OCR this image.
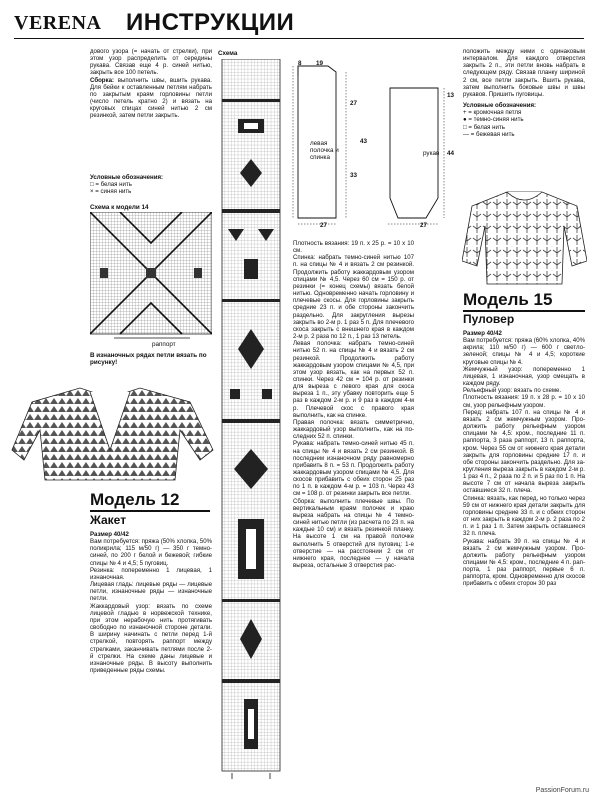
VERENA ИНСТРУКЦИИ

дового узора (= начать от стрелки), при этом узор распределить от середины рукава. Связав еще 4 р. синей нитью, закрыть все 100 петель.

Сборка: выполнить швы, вшить рукава. Для бейки к оставленным петлям набрать по закрытым краям горловины петли (число петель кратно 2) и вязать на круговых спицах синей нитью 2 см резинкой, затем петли закрыть.

Условные обозначения:

□ = белая нить

× = синяя нить

Схема к модели 14
раппорт
В изнаночных рядах петли вязать по рисунку!
Модель 12
Жакет

Размер 40/42

Вам потребуется: пряжа (50% хлопка, 50% поликрила; 115 м/50 г) — 350 г темно-синей, по 200 г белой и бежевой; гибкие спицы № 4 и 4,5; 5 пуговиц.

Резинка: попеременно 1 лицевая, 1 изнаночная.

Лицевая гладь: лицевые ряды — лицевые петли, изнаночные ряды — изнаночные петли.

Жаккардовый узор: вязать по схеме лицевой гладью в норвежской технике, при этом нерабочую нить протягивать свободно по изнаночной стороне детали. В ширину начинать с петли перед 1-й стрелкой, повторять раппорт между стрелками, заканчивать петлями после 2-й стрелки. На схеме даны лицевые и изнаночные ряды. В высоту выполнить приведенные ряды схемы.

Схема
левая полочка и спинка
рукав
8 19
27
33
43
27	27
13
44

Плотность вязания: 19 п. х 25 р. = 10 х 10 см.

Спинка: набрать темно-синей нитью 107 п. на спицы № 4 и вязать 2 см резинкой. Продолжить работу жаккардовым узором спицами № 4,5. Через 60 см = 150 р. от резинки (= конец схемы) вязать белой нитью. Одновременно начать горловину и плечевые скосы. Для горловины закрыть средние 23 п. и обе стороны закончить раздельно. Для закругления вырезы закрыть во 2-м р. 1 раз 5 п. Для плечевого скоса закрыть с внешнего края в каждом 2-м р. 2 раза по 12 п., 1 раз 13 петель.

Левая полочка: набрать темно-синей нитью 52 п. на спицы № 4 и вязать 2 см резинкой. Продолжить работу жаккардовым узором спицами № 4,5, при этом узор вязать, как на первых 52 п. спинки. Через 42 см = 104 р. от резинки для выреза с левого края для скоса выреза 1 п., эту убавку повторить еще 5 раз в каждом 2-м р. и 9 раз в каждом 4-м р. Плечевой скос с правого края выполнить, как на спинке.

Правая полочка: вязать симметрично, жаккардовый узор выполнить, как на последних 52 п. спинки.

Рукава: набрать темно-синей нитью 45 п. на спицы № 4 и вязать 2 см резинкой. В последнем изнаночном ряду равномерно прибавить 8 п. = 53 п. Продолжить работу жаккардовым узором спицами № 4,5. Для скосов прибавить с обеих сторон 25 раз по 1 п. в каждом 4-м р. = 103 п. Через 43 см = 108 р. от резинки закрыть все петли.

Сборка: выполнить плечевые швы. По вертикальным краям полочек и краю выреза набрать на спицы № 4 темно-синей нитью петли (из расчета по 23 п. на каждые 10 см) и вязать резинкой планку. На высоте 1 см на правой полочке выполнить 5 отверстий для пуговиц: 1-е отверстие — на расстоянии 2 см от нижнего края, последнее — у начала выреза, остальные 3 отверстия рас-

положить между ними с одинаковым интервалом. Для каждого отверстия закрыть 2 п., эти петли вновь набрать в следующем ряду. Связав планку шириной 2 см, все петли закрыть. Вшить рукава, затем выполнить боковые швы и швы рукавов. Пришить пуговицы.

Условные обозначения:

+ = кромочная петля

● = темно-синяя нить

□ = белая нить

— = бежевая нить

Модель 15
Пуловер

Размер 40/42

Вам потребуется: пряжа (60% хлопка, 40% акрила; 110 м/50 г) — 600 г светлозеленой; спицы № 4 и 4,5; короткие круговые спицы № 4.

Жемчужный узор: попеременно 1 лицевая, 1 изнаночная, узор смещать в каждом ряду.

Рельефный узор: вязать по схеме.

Плотность вязания: 19 п. х 28 р. = 10 х 10 см, узор рельефным узором.

Перед: набрать 107 п. на спицы № 4 и вязать 2 см жемчужным узором. Продолжить работу рельефным узором спицами № 4,5: кром., последние 11 п. раппорта, 3 раза раппорт, 13 п. раппорта, кром. Через 55 см от нижнего края детали закрыть для горловины средние 17 п. и обе стороны закончить раздельно. Для закругления выреза закрыть в каждом 2-м р. 1 раз 4 п., 2 раза по 2 п. и 5 раз по 1 п. На высоте 7 см от начала выреза закрыть оставшиеся 32 п. плеча.

Спинка: вязать, как перед, но только через 59 см от нижнего края детали закрыть для горловины средние 33 п. и с обеих сторон от них закрыть в каждом 2-м р. 2 раза по 2 п. и 1 раз 1 п. Затем закрыть оставшиеся 32 п. плеча.

Рукава: набрать 39 п. на спицы № 4 и вязать 2 см жемчужным узором. Продолжить работу рельефным узором спицами № 4,5: кром., последние 4 п. раппорта, 1 раз раппорт, первые 6 п. раппорта, кром. Одновременно для скосов прибавить с обеих сторон 30 раз

PassionForum.ru
